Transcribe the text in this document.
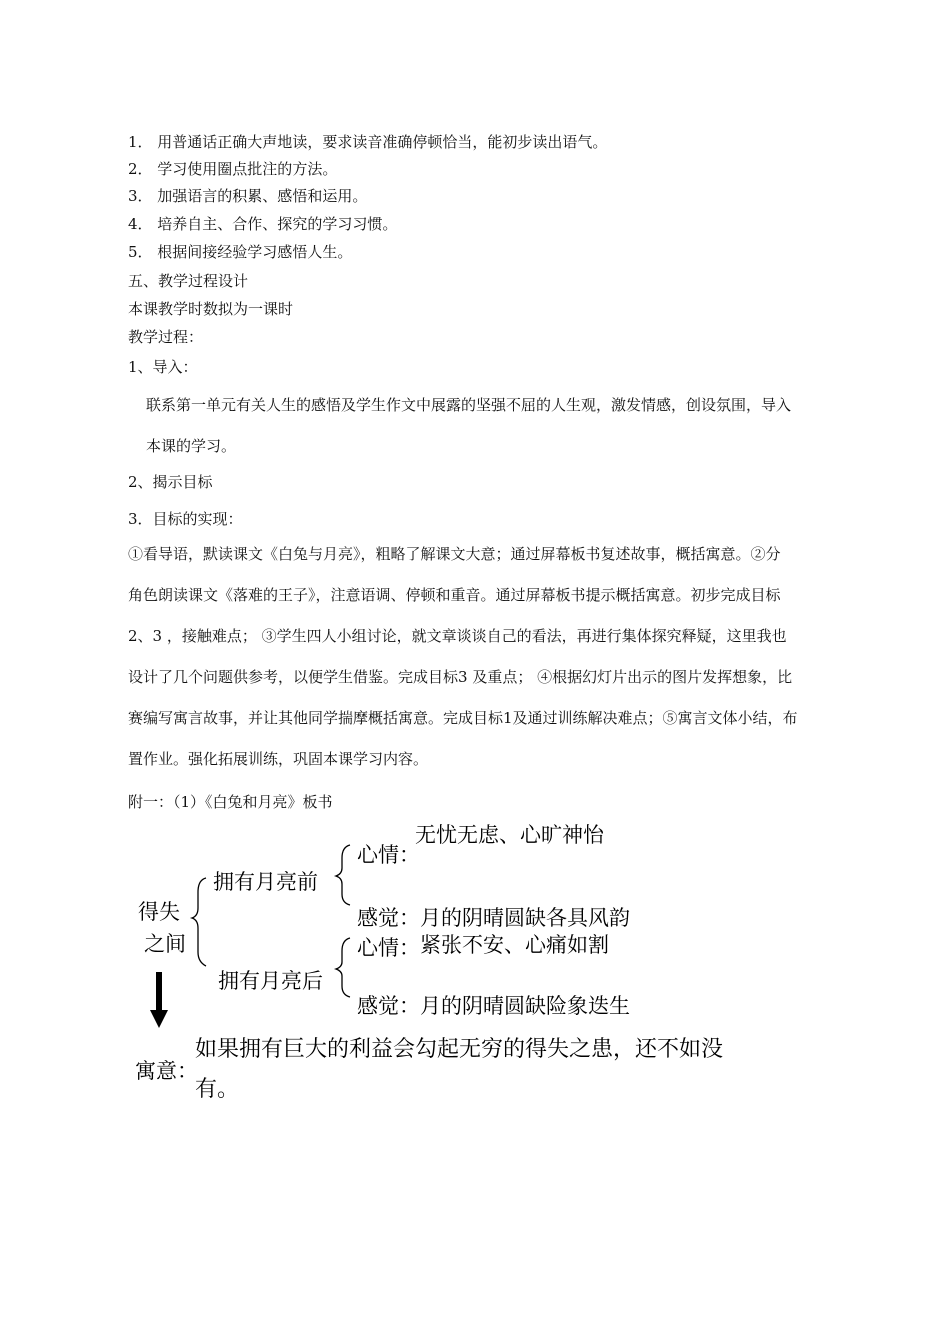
1． 用普通话正确大声地读，要求读音准确停顿恰当，能初步读出语气。
2． 学习使用圈点批注的方法。
3． 加强语言的积累、感悟和运用。
4． 培养自主、合作、探究的学习习惯。
5． 根据间接经验学习感悟人生。
五、教学过程设计
本课教学时数拟为一课时
教学过程：
1、导入：
联系第一单元有关人生的感悟及学生作文中展露的坚强不屈的人生观，激发情感，创设氛围，导入
本课的学习。
2、揭示目标
3．目标的实现：
①看导语，默读课文《白兔与月亮》，粗略了解课文大意；通过屏幕板书复述故事，概括寓意。②分
角色朗读课文《落难的王子》，注意语调、停顿和重音。通过屏幕板书提示概括寓意。初步完成目标
2、3 ，接触难点； ③学生四人小组讨论，就文章谈谈自己的看法，再进行集体探究释疑，这里我也
设计了几个问题供参考，以便学生借鉴。完成目标3 及重点； ④根据幻灯片出示的图片发挥想象，比
赛编写寓言故事，并让其他同学揣摩概括寓意。完成目标1及通过训练解决难点；⑤寓言文体小结，布
置作业。强化拓展训练，巩固本课学习内容。
附一：（1）《白兔和月亮》板书
得失
之间
拥有月亮前
拥有月亮后
心情：
无忧无虑、心旷神怡
感觉：月的阴晴圆缺各具风韵
心情： 紧张不安、心痛如割
感觉：月的阴晴圆缺险象迭生
寓意：
如果拥有巨大的利益会勾起无穷的得失之患，还不如没
有。
